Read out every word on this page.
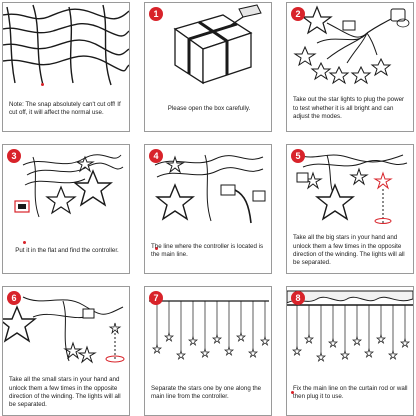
Note: The snap absolutely can't cut off! If cut off, it will affect the normal use.
1
Please open the box carefully.
2
Take out the star lights to plug the power to test whether it is all bright and can adjust the modes.
3
Put it in the flat and find the controller.
4
The line where the controller is located is the main line.
5
Take all the big stars in your hand and unlock them a few times in the opposite direction of the winding. The lights will all be separated.
6
Take all the small stars in your hand and unlock them a few times in the opposite direction of the winding. The lights will all be separated.
7
Separate the stars one by one along the main line from the controller.
8
Fix the main line on the curtain rod or wall then plug it to use.
